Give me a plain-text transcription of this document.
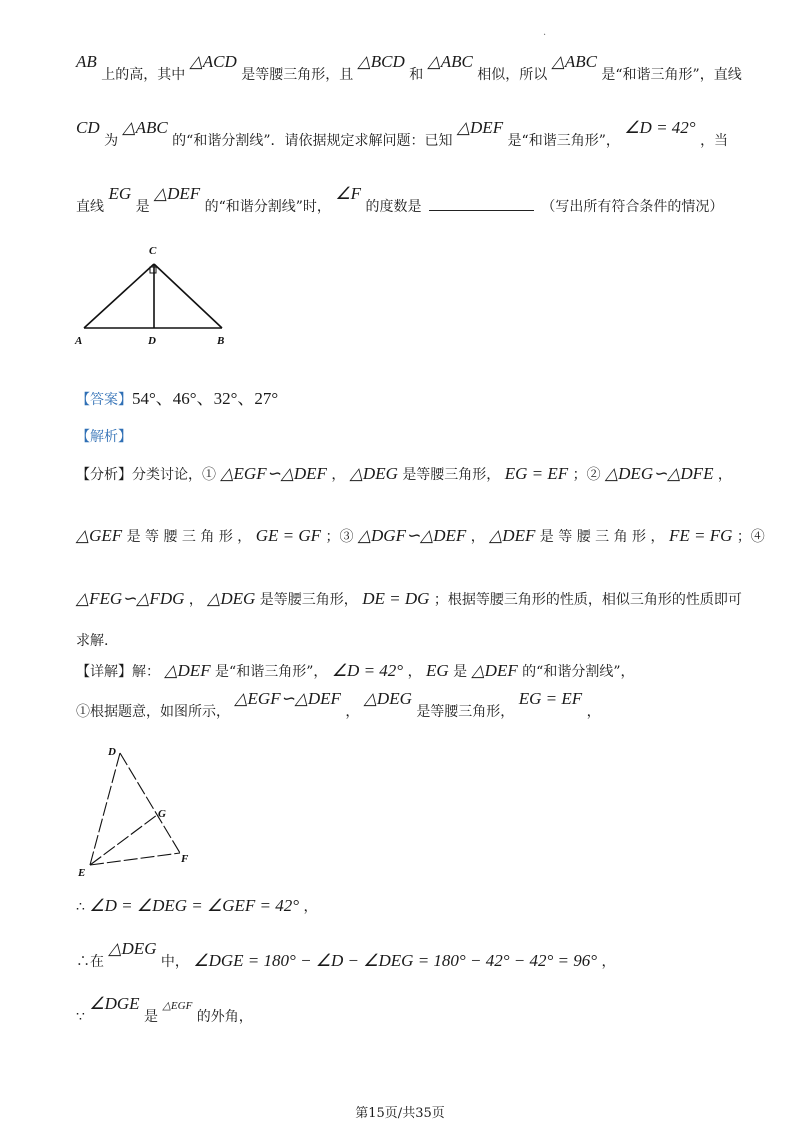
·
AB 上的高，其中 △ACD 是等腰三角形，且 △BCD 和 △ABC 相似，所以 △ABC 是“和谐三角形”，直线
CD 为 △ABC 的“和谐分割线”．请依据规定求解问题：已知 △DEF 是“和谐三角形”， ∠D = 42° ，当
直线 EG 是 △DEF 的“和谐分割线”时， ∠F 的度数是	（写出所有符合条件的情况）
C
A	D	B
【答案】54°、46°、32°、27°
【解析】
【分析】分类讨论，① △EGF∽△DEF ， △DEG 是等腰三角形， EG = EF ；② △DEG∽△DFE ，
△GEF 是 等 腰 三 角 形 ， GE = GF ；③ △DGF∽△DEF ， △DEF 是 等 腰 三 角 形 ， FE = FG ；④
△FEG∽△FDG ， △DEG 是等腰三角形， DE = DG ；根据等腰三角形的性质，相似三角形的性质即可
求解.
【详解】解： △DEF 是“和谐三角形”， ∠D = 42° ， EG 是 △DEF 的“和谐分割线”，
①根据题意，如图所示， △EGF∽△DEF ， △DEG 是等腰三角形， EG = EF ，
D
G
E
F
∴ ∠D = ∠DEG = ∠GEF = 42° ，
∴在 △DEG 中， ∠DGE = 180° − ∠D − ∠DEG = 180° − 42° − 42° = 96° ，
∵ ∠DGE 是 $^{\triangle EGF}$ 的外角，
第15页/共35页
